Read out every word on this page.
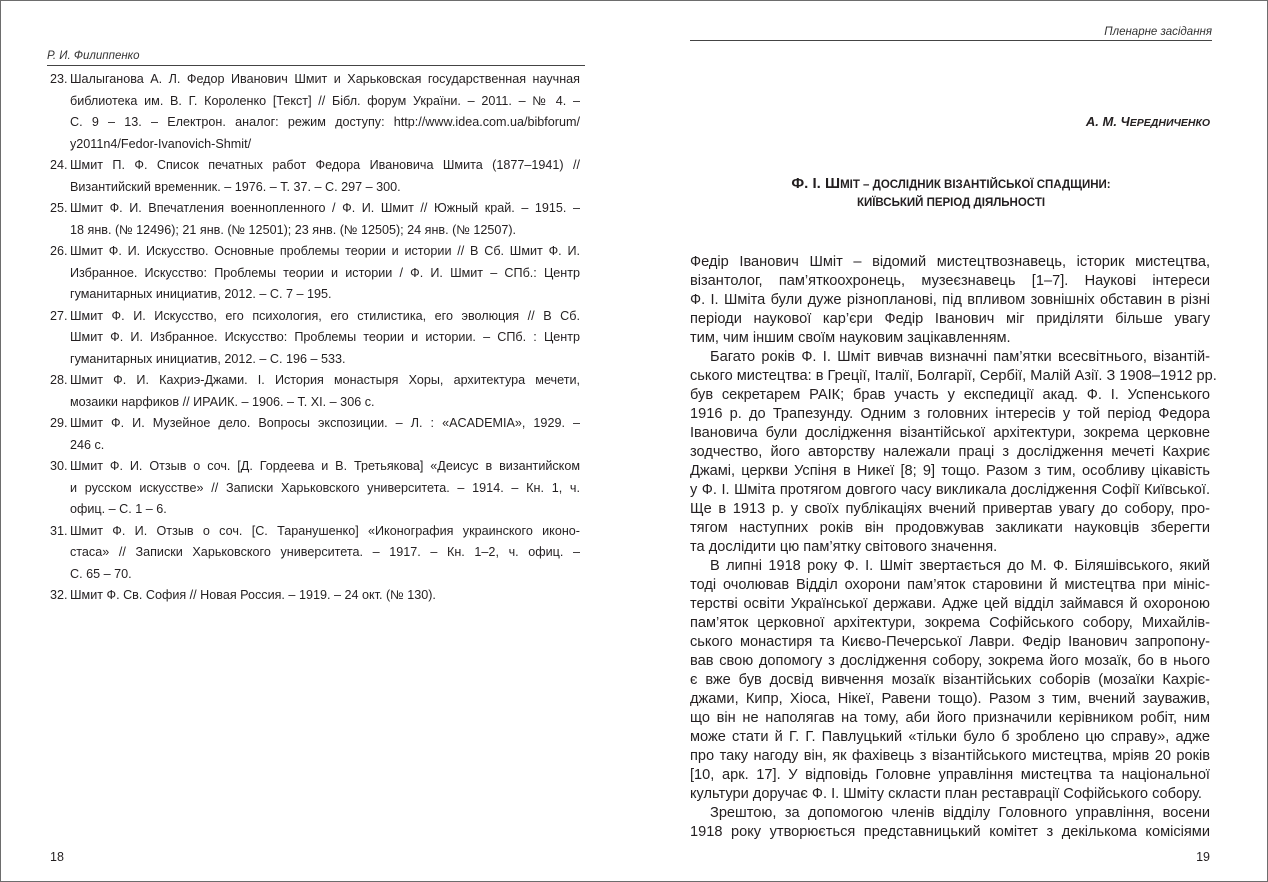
Р. И. Филиппенко
23. Шалыганова А. Л. Федор Иванович Шмит и Харьковская государственная научная
библиотека им. В. Г. Короленко [Текст] // Бібл. форум України. – 2011. – № 4. –
С. 9 – 13. – Електрон. аналог: режим доступу: http://www.idea.com.ua/bibforum/
y2011n4/Fedor-Ivanovich-Shmit/
24. Шмит П. Ф. Список печатных работ Федора Ивановича Шмита (1877–1941) //
Византийский временник. – 1976. – Т. 37. – С. 297 – 300.
25. Шмит Ф. И. Впечатления военнопленного / Ф. И. Шмит // Южный край. – 1915. –
18 янв. (№ 12496); 21 янв. (№ 12501); 23 янв. (№ 12505); 24 янв. (№ 12507).
26. Шмит Ф. И. Искусство. Основные проблемы теории и истории // В Сб. Шмит Ф. И.
Избранное. Искусство: Проблемы теории и истории / Ф. И. Шмит – СПб.: Центр
гуманитарных инициатив, 2012. – С. 7 – 195.
27. Шмит Ф. И. Искусство, его психология, его стилистика, его эволюция // В Сб.
Шмит Ф. И. Избранное. Искусство: Проблемы теории и истории. – СПб. : Центр
гуманитарных инициатив, 2012. – С. 196 – 533.
28. Шмит Ф. И. Кахриэ-Джами. I. История монастыря Хоры, архитектура мечети,
мозаики нарфиков // ИРАИК. – 1906. – Т. XI. – 306 с.
29. Шмит Ф. И. Музейное дело. Вопросы экспозиции. – Л. : «ACADEMIA», 1929. –
246 с.
30. Шмит Ф. И. Отзыв о соч. [Д. Гордеева и В. Третьякова] «Деисус в византийском
и русском искусстве» // Записки Харьковского университета. – 1914. – Кн. 1, ч.
офиц. – С. 1 – 6.
31. Шмит Ф. И. Отзыв о соч. [С. Таранушенко] «Иконография украинского иконо-
стаса» // Записки Харьковского университета. – 1917. – Кн. 1–2, ч. офиц. –
С. 65 – 70.
32. Шмит Ф. Св. София // Новая Россия. – 1919. – 24 окт. (№ 130).
18
Пленарне засідання
А. М. ЧЕРЕДНИЧЕНКО
Ф. І. ШМІТ – ДОСЛІДНИК ВІЗАНТІЙСЬКОЇ СПАДЩИНИ:
КИЇВСЬКИЙ ПЕРІОД ДІЯЛЬНОСТІ
Федір Іванович Шміт – відомий мистецтвознавець, історик мистецтва,
візантолог, пам’яткоохронець, музеєзнавець [1–7]. Наукові інтереси
Ф. І. Шміта були дуже різнопланові, під впливом зовнішніх обставин в різні
періоди наукової кар’єри Федір Іванович міг приділяти більше увагу
тим, чим іншим своїм науковим зацікавленням.
Багато років Ф. І. Шміт вивчав визначні пам’ятки всесвітнього, візантій-
ського мистецтва: в Греції, Італії, Болгарії, Сербії, Малій Азії. З 1908–1912 рр.
був секретарем РАІК; брав участь у експедиції акад. Ф. І. Успенського
1916 р. до Трапезунду. Одним з головних інтересів у той період Федора
Івановича були дослідження візантійської архітектури, зокрема церковне
зодчество, його авторству належали праці з дослідження мечеті Кахриє
Джамі, церкви Успіня в Никеї [8; 9] тощо. Разом з тим, особливу цікавість
у Ф. І. Шміта протягом довгого часу викликала дослідження Софії Київської.
Ще в 1913 р. у своїх публікаціях вчений привертав увагу до собору, про-
тягом наступних років він продовжував закликати науковців зберегти
та дослідити цю пам’ятку світового значення.
В липні 1918 року Ф. І. Шміт звертається до М. Ф. Біляшівського, який
тоді очолював Відділ охорони пам’яток старовини й мистецтва при мініс-
терстві освіти Української держави. Адже цей відділ займався й охороною
пам’яток церковної архітектури, зокрема Софійського собору, Михайлів-
ського монастиря та Києво-Печерської Лаври. Федір Іванович запропону-
вав свою допомогу з дослідження собору, зокрема його мозаїк, бо в нього
є вже був досвід вивчення мозаїк візантійських соборів (мозаїки Кахріє-
джами, Кипр, Хіоса, Нікеї, Равени тощо). Разом з тим, вчений зауважив,
що він не наполягав на тому, аби його призначили керівником робіт, ним
може стати й Г. Г. Павлуцький «тільки було б зроблено цю справу», адже
про таку нагоду він, як фахівець з візантійського мистецтва, мріяв 20 років
[10, арк. 17]. У відповідь Головне управління мистецтва та національної
культури доручає Ф. І. Шміту скласти план реставрації Софійського собору.
Зрештою, за допомогою членів відділу Головного управління, восени
1918 року утворюється представницький комітет з декількома комісіями
19
